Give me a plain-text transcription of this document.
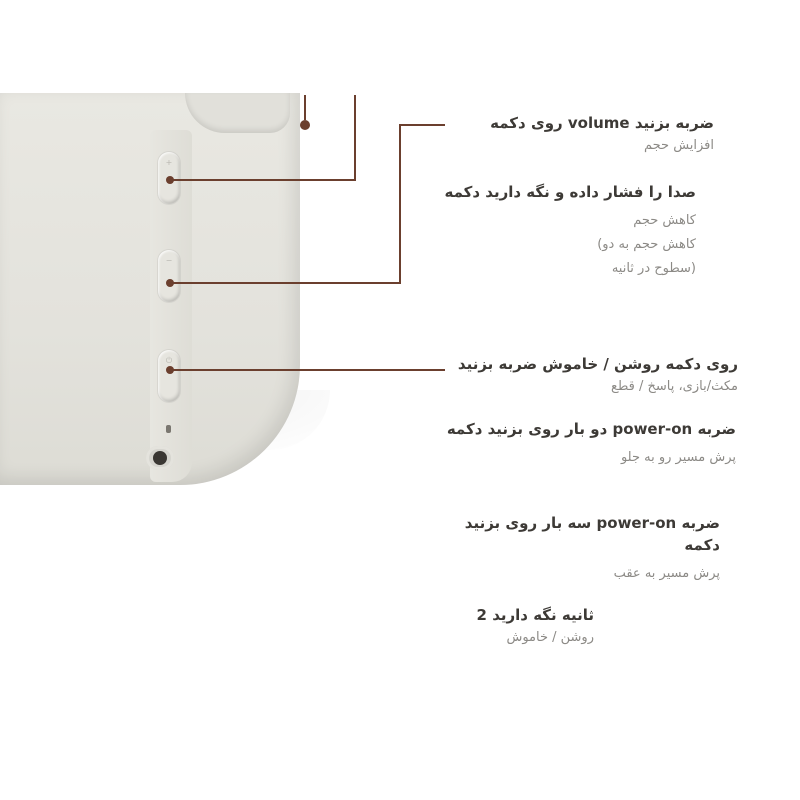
+
−
⏻
ضربه بزنید volume روی دکمه
افزایش حجم
صدا را فشار داده و نگه دارید دکمه
کاهش حجم
کاهش حجم به دو)
(سطوح در ثانیه
روی دکمه روشن / خاموش ضربه بزنید
مکث/بازی، پاسخ / قطع
ضربه power-on دو بار روی بزنید دکمه
پرش مسیر رو به جلو
ضربه power-on سه بار روی بزنید دکمه
پرش مسیر به عقب
ثانیه نگه دارید 2
روشن / خاموش
